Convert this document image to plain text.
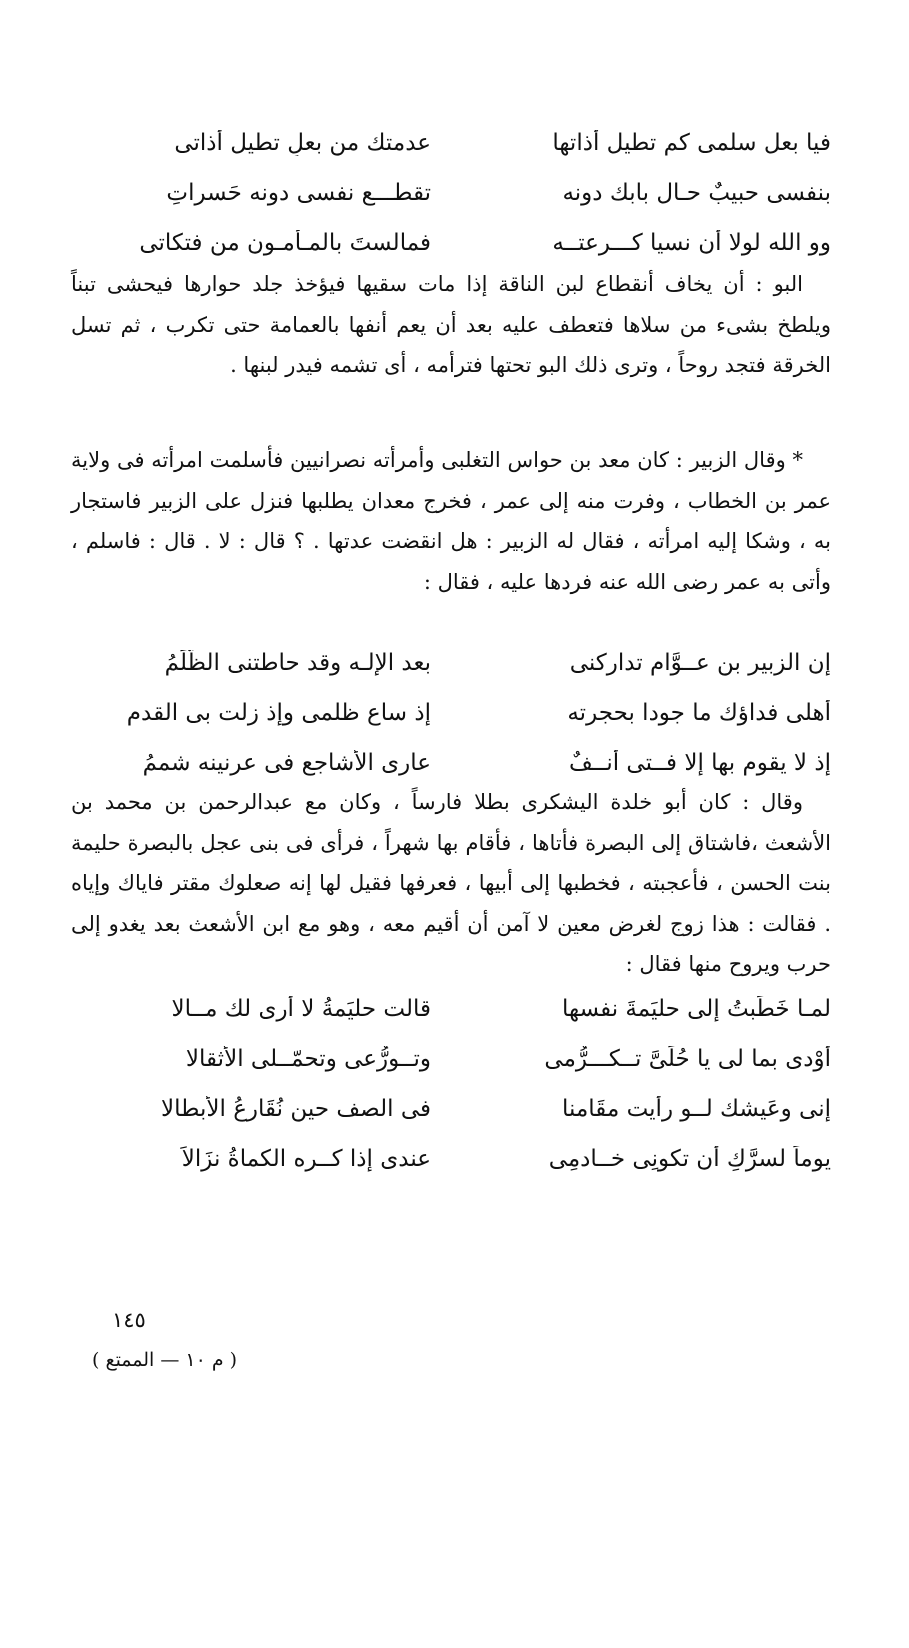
فيا بعل سلمى كم تطيل أذاتها
عدمتك من بعلٍ تطيل أذاتى
بنفسى حبيبٌ حـال بابك دونه
تقطـــع نفسى دونه حَسراتِ
وو الله لولا أن نسيا كـــرعتــه
فمالستَ بالمـأمـون من فتكاتى

البو : أن يخاف أنقطاع لبن الناقة إذا مات سقيها فيؤخذ جلد حوارها فيحشى تبناً ويلطخ بشىء من سلاها فتعطف عليه بعد أن يعم أنفها بالعمامة حتى تكرب ، ثم تسل الخرقة فتجد روحاً ، وترى ذلك البو تحتها فترأمه ، أى تشمه فيدر لبنها .

* وقال الزبير : كان معد بن حواس التغلبى وأمرأته نصرانيين فأسلمت امرأته فى ولاية عمر بن الخطاب ، وفرت منه إلى عمر ، فخرج معدان يطلبها فنزل على الزبير فاستجار به ، وشكا إليه امرأته ، فقال له الزبير : هل انقضت عدتها . ؟ قال : لا . قال : فاسلم ، وأتى به عمر رضى الله عنه فردها عليه ، فقال :

إن الزبير بن عــوَّامٍ تداركنى
بعد الإلـه وقد حاطتنى الظُّلَمُ
أهلى فداؤك ما جودا بحجرته
إذ ساع ظلمى وإذ زلت بى القدم
إذ لا يقوم بها إلا فــتى أنــفٌ
عارى الأشاجع فى عرنينه شممُ

وقال : كان أبو خلدة اليشكرى بطلا فارساً ، وكان مع عبدالرحمن بن محمد بن الأشعث ،فاشتاق إلى البصرة فأتاها ، فأقام بها شهراً ، فرأى فى بنى عجل بالبصرة حليمة بنت الحسن ، فأعجبته ، فخطبها إلى أبيها ، فعرفها فقيل لها إنه صعلوك مقتر فاياك وإياه . فقالت : هذا زوج لغرض معين لا آمن أن أقيم معه ، وهو مع ابن الأشعث بعد يغدو إلى حرب ويروح منها فقال :

لمـا خَطَبتُ إلى حليَمةَ نفسها
قالت حليَمةُ لا أرى لك مــالا
أَوْدى بما لى يا حُلَىَّ تــكـــرُّمى
وتــورُّعى وتحمّــلى الأثقالا
إنى وعَيشك لــو رأيت مقَامنا
فى الصف حين نُقَارِعُ الأَبطالا
يوماً لسرَّكِ أن تكونِى خــادمِى
عندى إذا كــره الكماةُ نزَالاَ
١٤٥
( م ١٠ — الممتع )
